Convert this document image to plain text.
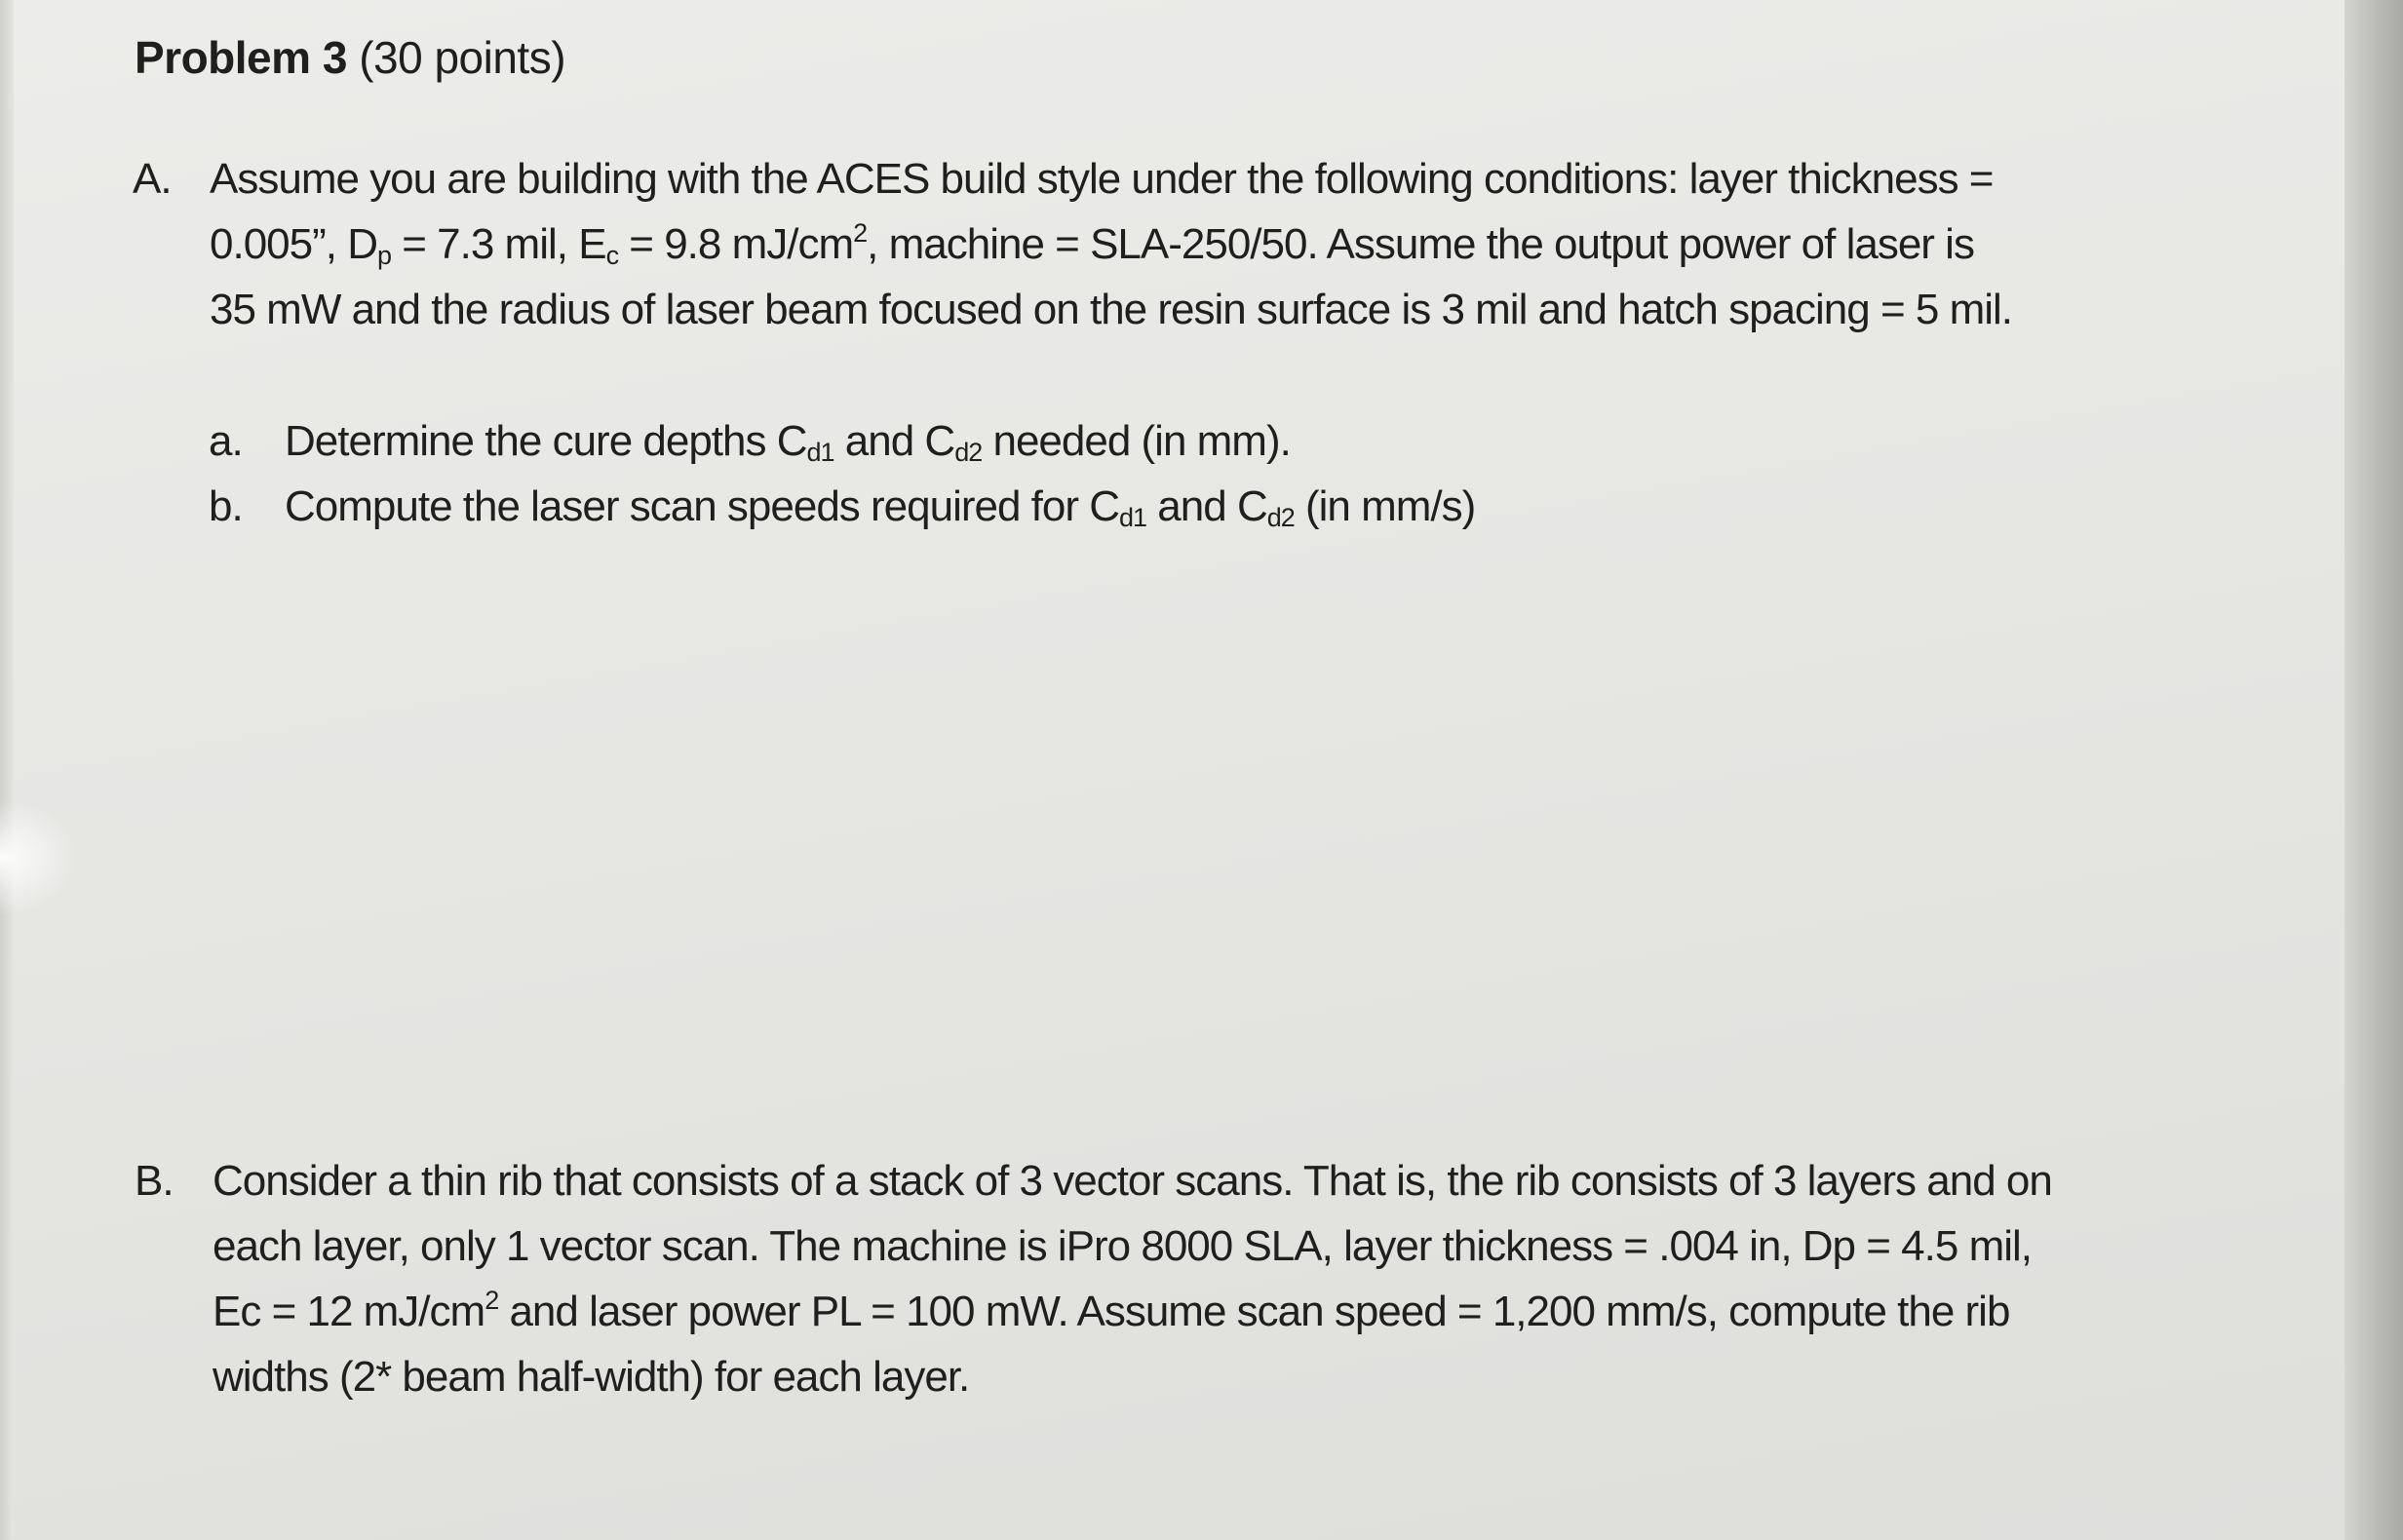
Problem 3 (30 points)
A. Assume you are building with the ACES build style under the following conditions: layer thickness =
0.005”, $D_p = 7.3$ mil, $E_c = 9.8$ $mJ/cm^2$, machine = SLA-250/50. Assume the output power of laser is
35 mW and the radius of laser beam focused on the resin surface is 3 mil and hatch spacing = 5 mil.
a. Determine the cure depths $C_{d1}$ and $C_{d2}$ needed (in mm).
b. Compute the laser scan speeds required for $C_{d1}$ and $C_{d2}$ (in mm/s)
B. Consider a thin rib that consists of a stack of 3 vector scans. That is, the rib consists of 3 layers and on
each layer, only 1 vector scan. The machine is iPro 8000 SLA, layer thickness = .004 in, Dp = 4.5 mil,
Ec = 12 $mJ/cm^2$ and laser power PL = 100 mW. Assume scan speed = 1,200 mm/s, compute the rib
widths (2* beam half-width) for each layer.
